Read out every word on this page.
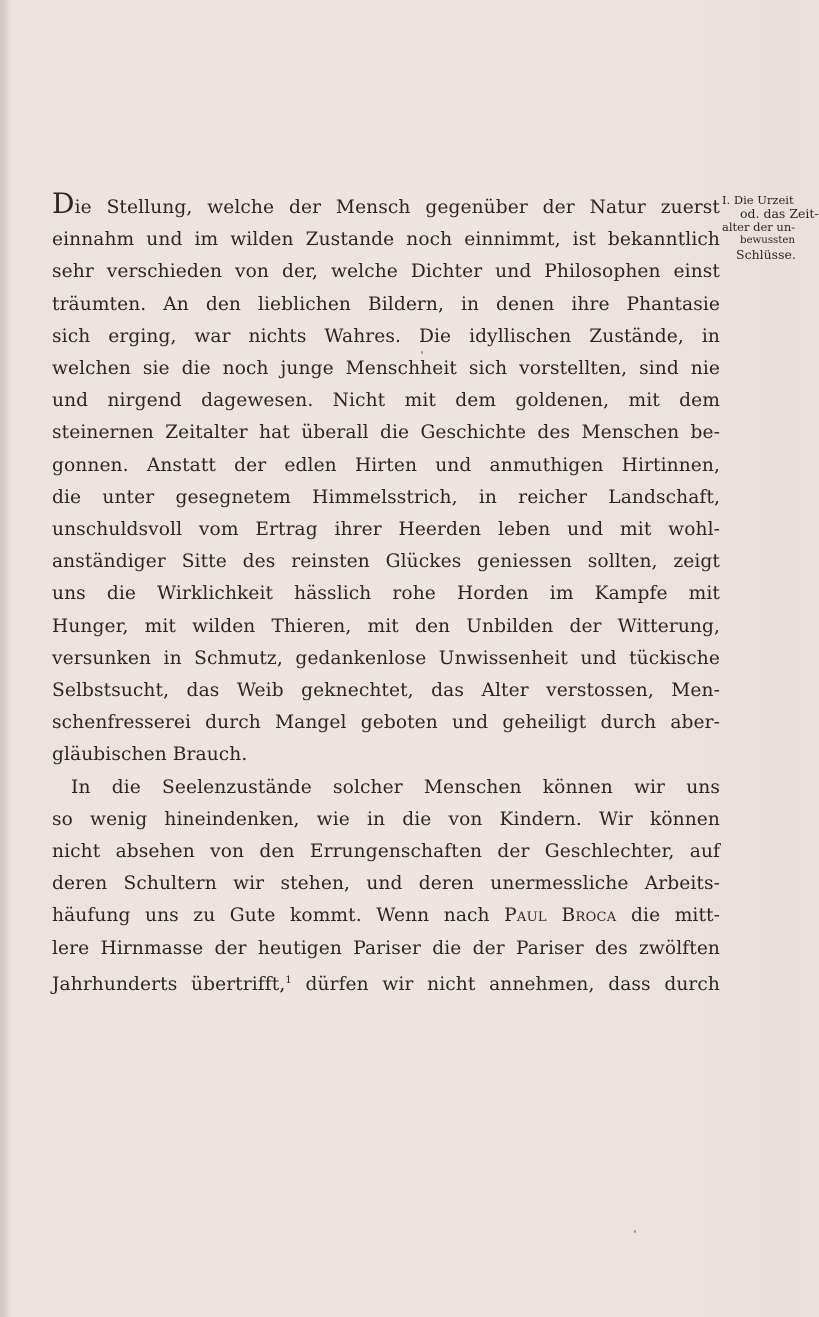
Die Stellung, welche der Mensch gegenüber der Natur zuerst
einnahm und im wilden Zustande noch einnimmt, ist bekanntlich
sehr verschieden von der, welche Dichter und Philosophen einst
träumten. An den lieblichen Bildern, in denen ihre Phantasie
sich erging, war nichts Wahres. Die idyllischen Zustände, in
welchen sie die noch junge Menschheit sich vorstellten, sind nie
und nirgend dagewesen. Nicht mit dem goldenen, mit dem
steinernen Zeitalter hat überall die Geschichte des Menschen be-
gonnen. Anstatt der edlen Hirten und anmuthigen Hirtinnen,
die unter gesegnetem Himmelsstrich, in reicher Landschaft,
unschuldsvoll vom Ertrag ihrer Heerden leben und mit wohl-
anständiger Sitte des reinsten Glückes geniessen sollten, zeigt
uns die Wirklichkeit hässlich rohe Horden im Kampfe mit
Hunger, mit wilden Thieren, mit den Unbilden der Witterung,
versunken in Schmutz, gedankenlose Unwissenheit und tückische
Selbstsucht, das Weib geknechtet, das Alter verstossen, Men-
schenfresserei durch Mangel geboten und geheiligt durch aber-
gläubischen Brauch.
In die Seelenzustände solcher Menschen können wir uns
so wenig hineindenken, wie in die von Kindern. Wir können
nicht absehen von den Errungenschaften der Geschlechter, auf
deren Schultern wir stehen, und deren unermessliche Arbeits-
häufung uns zu Gute kommt. Wenn nach Paul Broca die mitt-
lere Hirnmasse der heutigen Pariser die der Pariser des zwölften
Jahrhunderts übertrifft,$^1$ dürfen wir nicht annehmen, dass durch
I. Die Urzeit
od. das Zeit-
alter der un-
bewussten
Schlüsse.
